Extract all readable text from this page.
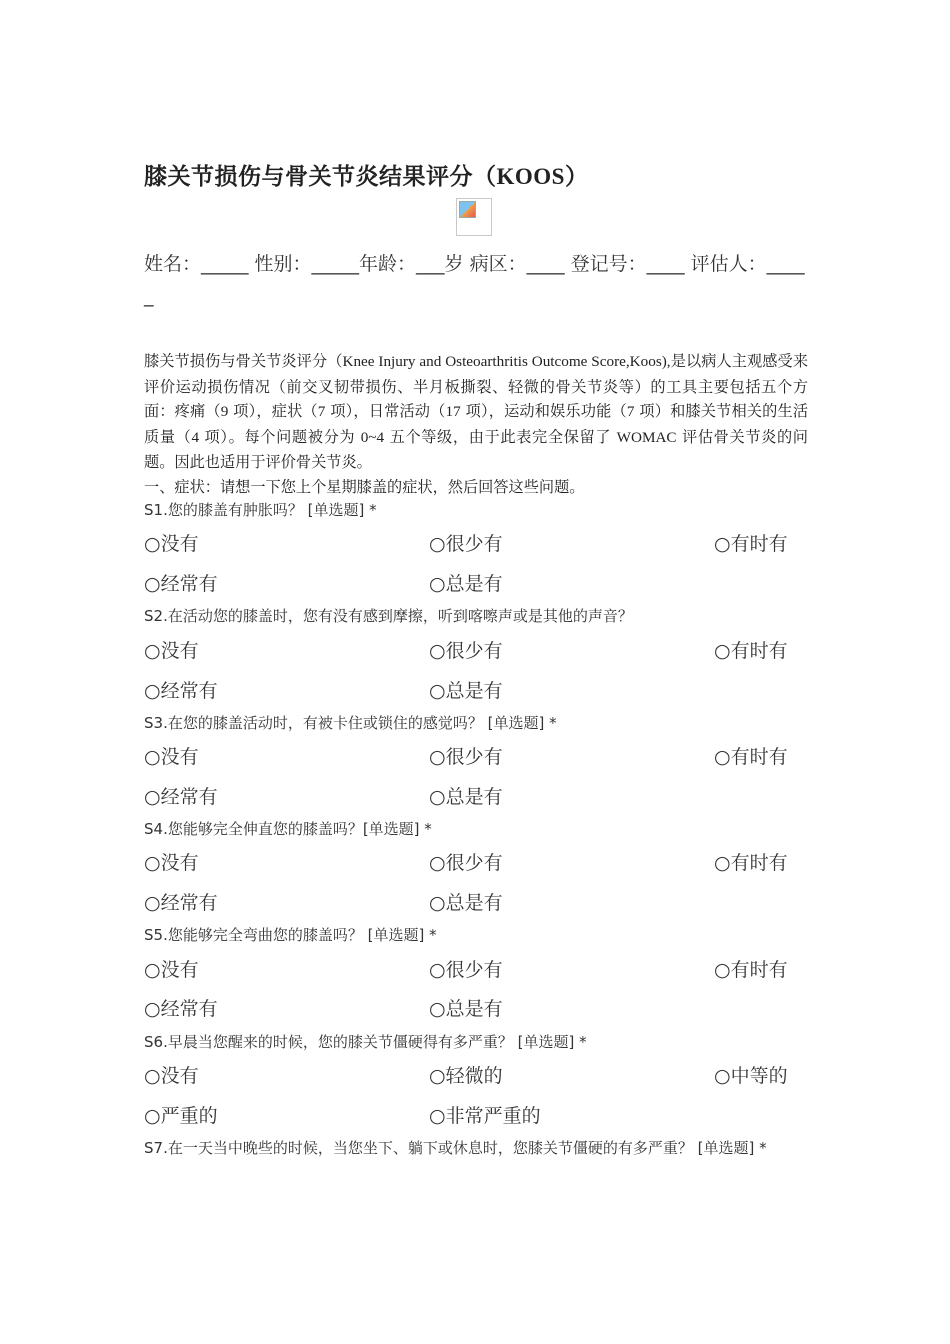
膝关节损伤与骨关节炎结果评分（KOOS）

姓名：_____ 性别：_____年龄：___岁 病区：____ 登记号：____ 评估人：_____

膝关节损伤与骨关节炎评分（Knee Injury and Osteoarthritis Outcome Score,Koos),是以病人主观感受来评价运动损伤情况（前交叉韧带损伤、半月板撕裂、轻微的骨关节炎等）的工具主要包括五个方面：疼痛（9 项），症状（7 项），日常活动（17 项），运动和娱乐功能（7 项）和膝关节相关的生活质量（4 项）。每个问题被分为 0~4 五个等级，由于此表完全保留了 WOMAC 评估骨关节炎的问题。因此也适用于评价骨关节炎。
一、症状：请想一下您上个星期膝盖的症状，然后回答这些问题。

S1.您的膝盖有肿胀吗？ [单选题] *

○没有	○很少有	○有时有
○经常有	○总是有

S2.在活动您的膝盖时，您有没有感到摩擦，听到喀嚓声或是其他的声音？

○没有	○很少有	○有时有
○经常有	○总是有

S3.在您的膝盖活动时，有被卡住或锁住的感觉吗？ [单选题] *

○没有	○很少有	○有时有
○经常有	○总是有

S4.您能够完全伸直您的膝盖吗？[单选题] *

○没有	○很少有	○有时有
○经常有	○总是有

S5.您能够完全弯曲您的膝盖吗？ [单选题] *

○没有	○很少有	○有时有
○经常有	○总是有

S6.早晨当您醒来的时候，您的膝关节僵硬得有多严重？ [单选题] *

○没有	○轻微的	○中等的
○严重的	○非常严重的

S7.在一天当中晚些的时候，当您坐下、躺下或休息时，您膝关节僵硬的有多严重？ [单选题] *
